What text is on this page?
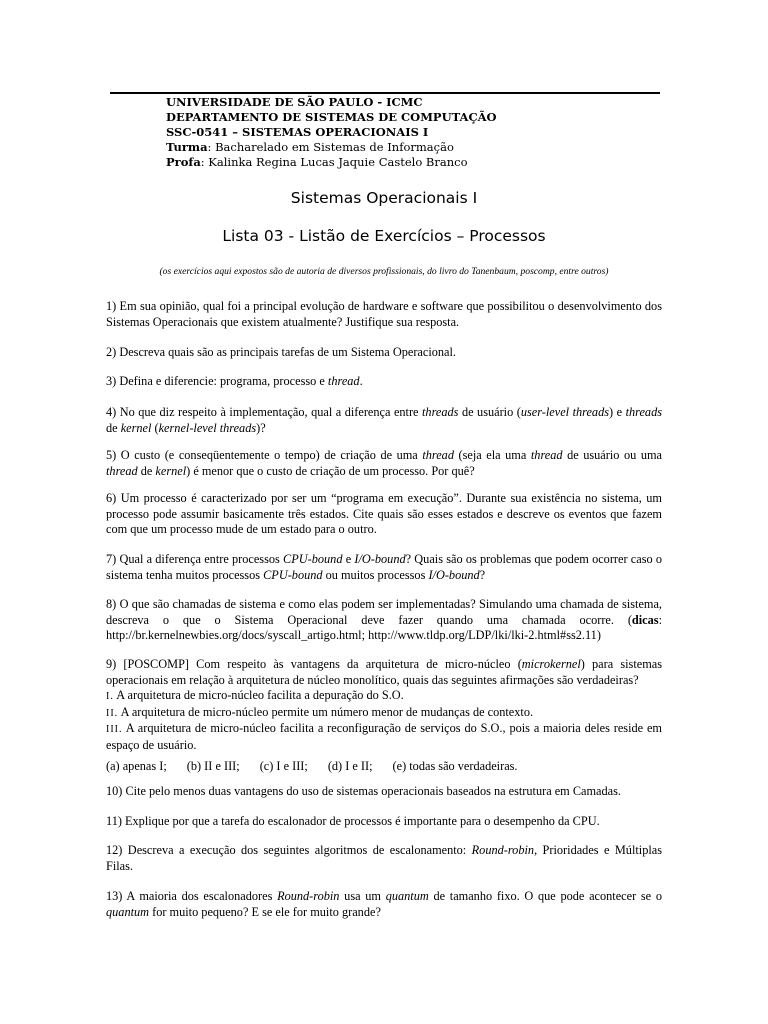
UNIVERSIDADE DE SÃO PAULO - ICMC
DEPARTAMENTO DE SISTEMAS DE COMPUTAÇÃO
SSC-0541 – SISTEMAS OPERACIONAIS I
Turma: Bacharelado em Sistemas de Informação
Profa: Kalinka Regina Lucas Jaquie Castelo Branco
Sistemas Operacionais I
Lista 03 - Listão de Exercícios – Processos
(os exercícios aqui expostos são de autoria de diversos profissionais, do livro do Tanenbaum, poscomp, entre outros)
1) Em sua opinião, qual foi a principal evolução de hardware e software que possibilitou o desenvolvimento dos Sistemas Operacionais que existem atualmente? Justifique sua resposta.
2) Descreva quais são as principais tarefas de um Sistema Operacional.
3) Defina e diferencie: programa, processo e thread.
4) No que diz respeito à implementação, qual a diferença entre threads de usuário (user-level threads) e threads de kernel (kernel-level threads)?
5) O custo (e conseqüentemente o tempo) de criação de uma thread (seja ela uma thread de usuário ou uma thread de kernel) é menor que o custo de criação de um processo. Por quê?
6) Um processo é caracterizado por ser um “programa em execução”. Durante sua existência no sistema, um processo pode assumir basicamente três estados. Cite quais são esses estados e descreve os eventos que fazem com que um processo mude de um estado para o outro.
7) Qual a diferença entre processos CPU-bound e I/O-bound? Quais são os problemas que podem ocorrer caso o sistema tenha muitos processos CPU-bound ou muitos processos I/O-bound?
8) O que são chamadas de sistema e como elas podem ser implementadas? Simulando uma chamada de sistema, descreva o que o Sistema Operacional deve fazer quando uma chamada ocorre. (dicas: http://br.kernelnewbies.org/docs/syscall_artigo.html; http://www.tldp.org/LDP/lki/lki-2.html#ss2.11)
9) [POSCOMP] Com respeito às vantagens da arquitetura de micro-núcleo (microkernel) para sistemas operacionais em relação à arquitetura de núcleo monolítico, quais das seguintes afirmações são verdadeiras?
I. A arquitetura de micro-núcleo facilita a depuração do S.O.
II. A arquitetura de micro-núcleo permite um número menor de mudanças de contexto.
III. A arquitetura de micro-núcleo facilita a reconfiguração de serviços do S.O., pois a maioria deles reside em espaço de usuário.
(a) apenas I; (b) II e III; (c) I e III; (d) I e II; (e) todas são verdadeiras.
10) Cite pelo menos duas vantagens do uso de sistemas operacionais baseados na estrutura em Camadas.
11) Explique por que a tarefa do escalonador de processos é importante para o desempenho da CPU.
12) Descreva a execução dos seguintes algoritmos de escalonamento: Round-robin, Prioridades e Múltiplas Filas.
13) A maioria dos escalonadores Round-robin usa um quantum de tamanho fixo. O que pode acontecer se o quantum for muito pequeno? E se ele for muito grande?
